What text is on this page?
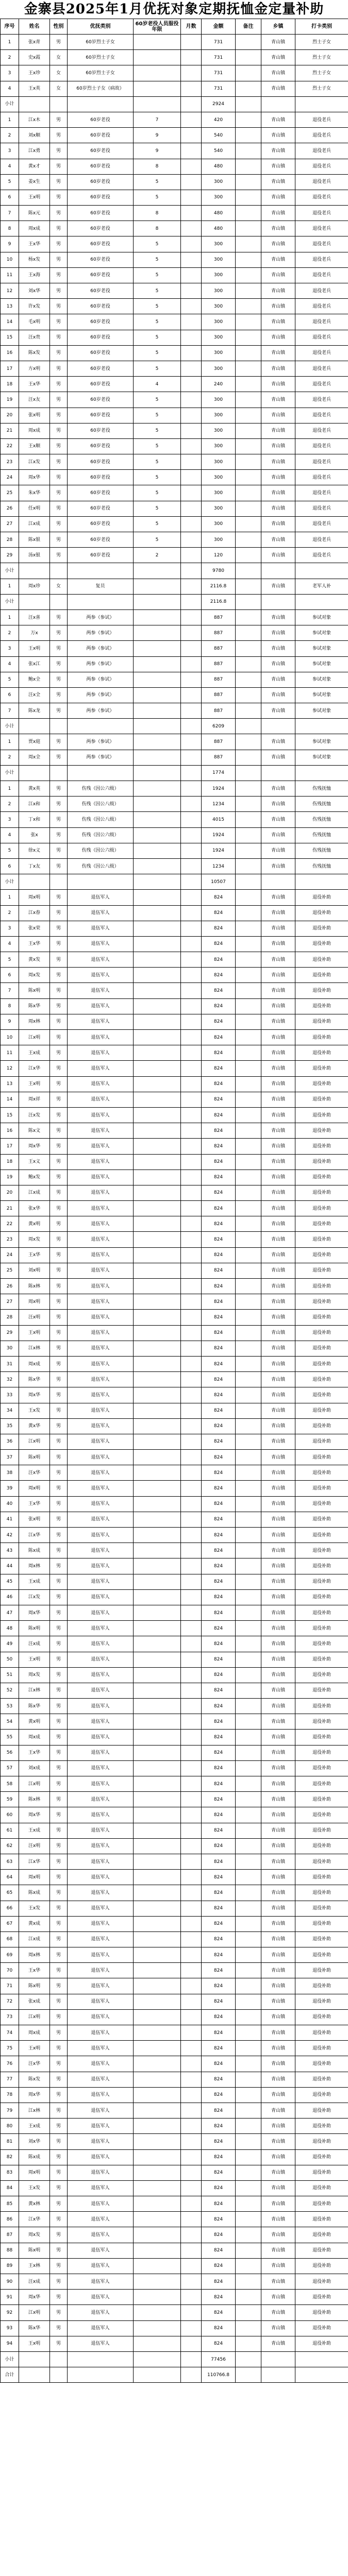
金寨县2025年1月优抚对象定期抚恤金定量补助
序号	姓名	性别	优抚类别	60岁老役人员服役年限	月数	金额	备注	乡镇	打卡类别
1	张x青	男	60岁烈士子女			731		青山镇	烈士子女
2	史x霞	女	60岁烈士子女			731		青山镇	烈士子女
3	王x珍	女	60岁烈士子女			731		青山镇	烈士子女
4	王x英	女	60岁烈士子女（病故）			731		青山镇	烈士子女
小计						2924			
1	江x木	男	60岁老役	7		420		青山镇	退役老兵
2	刘x顺	男	60岁老役	9		540		青山镇	退役老兵
3	江x勇	男	60岁老役	9		540		青山镇	退役老兵
4	黄x才	男	60岁老役	8		480		青山镇	退役老兵
5	姜x生	男	60岁老役	5		300		青山镇	退役老兵
6	王x明	男	60岁老役	5		300		青山镇	退役老兵
7	陈x元	男	60岁老役	8		480		青山镇	退役老兵
8	周x成	男	60岁老役	8		480		青山镇	退役老兵
9	王x华	男	60岁老役	5		300		青山镇	退役老兵
10	杨x发	男	60岁老役	5		300		青山镇	退役老兵
11	王x海	男	60岁老役	5		300		青山镇	退役老兵
12	刘x华	男	60岁老役	5		300		青山镇	退役老兵
13	许x发	男	60岁老役	5		300		青山镇	退役老兵
14	毛x明	男	60岁老役	5		300		青山镇	退役老兵
15	汪x贵	男	60岁老役	5		300		青山镇	退役老兵
16	陈x发	男	60岁老役	5		300		青山镇	退役老兵
17	方x明	男	60岁老役	5		300		青山镇	退役老兵
18	王x华	男	60岁老役	4		240		青山镇	退役老兵
19	汪x友	男	60岁老役	5		300		青山镇	退役老兵
20	张x明	男	60岁老役	5		300		青山镇	退役老兵
21	周x成	男	60岁老役	5		300		青山镇	退役老兵
22	王x顺	男	60岁老役	5		300		青山镇	退役老兵
23	江x发	男	60岁老役	5		300		青山镇	退役老兵
24	周x华	男	60岁老役	5		300		青山镇	退役老兵
25	朱x华	男	60岁老役	5		300		青山镇	退役老兵
26	任x明	男	60岁老役	5		300		青山镇	退役老兵
27	江x成	男	60岁老役	5		300		青山镇	退役老兵
28	陈x银	男	60岁老役	5		300		青山镇	退役老兵
29	汤x银	男	60岁老役	2		120		青山镇	退役老兵
小计						9780			
1	周x珍	女	复员			2116.8		青山镇	老军人补
小计						2116.8			
1	汪x喜	男	两参（参试）			887		青山镇	参试对象
2	万x	男	两参（参试）			887		青山镇	参试对象
3	王x明	男	两参（参试）			887		青山镇	参试对象
4	张x江	男	两参（参试）			887		青山镇	参试对象
5	鲍x全	男	两参（参试）			887		青山镇	参试对象
6	汪x全	男	两参（参试）			887		青山镇	参试对象
7	陈x龙	男	两参（参试）			887		青山镇	参试对象
小计						6209			
1	贾x庭	男	两参（参试）			887		青山镇	参试对象
2	周x全	男	两参（参试）			887		青山镇	参试对象
小计						1774			
1	黄x英	男	伤残（因公六级）			1924		青山镇	伤残抚恤
2	江x和	男	伤残（因公八级）			1234		青山镇	伤残抚恤
3	丁x和	男	伤残（因公八级）			4015		青山镇	伤残抚恤
4	张x	男	伤残（因公六级）			1924		青山镇	伤残抚恤
5	徐x义	男	伤残（因公六级）			1924		青山镇	伤残抚恤
6	丁x友	男	伤残（因公八级）			1234		青山镇	伤残抚恤
小计						10507			
1	周x明	男	退伍军人			824		青山镇	退役补助
2	江x春	男	退伍军人			824		青山镇	退役补助
3	张x荣	男	退伍军人			824		青山镇	退役补助
4	王x华	男	退伍军人			824		青山镇	退役补助
5	黄x发	男	退伍军人			824		青山镇	退役补助
6	周x发	男	退伍军人			824		青山镇	退役补助
7	陈x明	男	退伍军人			824		青山镇	退役补助
8	陈x华	男	退伍军人			824		青山镇	退役补助
9	周x林	男	退伍军人			824		青山镇	退役补助
10	江x明	男	退伍军人			824		青山镇	退役补助
11	王x成	男	退伍军人			824		青山镇	退役补助
12	江x华	男	退伍军人			824		青山镇	退役补助
13	王x明	男	退伍军人			824		青山镇	退役补助
14	周x祥	男	退伍军人			824		青山镇	退役补助
15	汪x发	男	退伍军人			824		青山镇	退役补助
16	陈x文	男	退伍军人			824		青山镇	退役补助
17	周x华	男	退伍军人			824		青山镇	退役补助
18	王x义	男	退伍军人			824		青山镇	退役补助
19	鲍x发	男	退伍军人			824		青山镇	退役补助
20	江x成	男	退伍军人			824		青山镇	退役补助
21	张x华	男	退伍军人			824		青山镇	退役补助
22	黄x明	男	退伍军人			824		青山镇	退役补助
23	周x发	男	退伍军人			824		青山镇	退役补助
24	王x华	男	退伍军人			824		青山镇	退役补助
25	刘x明	男	退伍军人			824		青山镇	退役补助
26	陈x林	男	退伍军人			824		青山镇	退役补助
27	周x明	男	退伍军人			824		青山镇	退役补助
28	汪x明	男	退伍军人			824		青山镇	退役补助
29	王x明	男	退伍军人			824		青山镇	退役补助
30	江x林	男	退伍军人			824		青山镇	退役补助
31	周x成	男	退伍军人			824		青山镇	退役补助
32	陈x华	男	退伍军人			824		青山镇	退役补助
33	周x华	男	退伍军人			824		青山镇	退役补助
34	王x发	男	退伍军人			824		青山镇	退役补助
35	黄x华	男	退伍军人			824		青山镇	退役补助
36	江x明	男	退伍军人			824		青山镇	退役补助
37	陈x明	男	退伍军人			824		青山镇	退役补助
38	汪x华	男	退伍军人			824		青山镇	退役补助
39	周x明	男	退伍军人			824		青山镇	退役补助
40	王x华	男	退伍军人			824		青山镇	退役补助
41	张x明	男	退伍军人			824		青山镇	退役补助
42	江x华	男	退伍军人			824		青山镇	退役补助
43	陈x成	男	退伍军人			824		青山镇	退役补助
44	周x林	男	退伍军人			824		青山镇	退役补助
45	王x成	男	退伍军人			824		青山镇	退役补助
46	江x发	男	退伍军人			824		青山镇	退役补助
47	周x华	男	退伍军人			824		青山镇	退役补助
48	陈x明	男	退伍军人			824		青山镇	退役补助
49	汪x成	男	退伍军人			824		青山镇	退役补助
50	王x明	男	退伍军人			824		青山镇	退役补助
51	周x发	男	退伍军人			824		青山镇	退役补助
52	江x林	男	退伍军人			824		青山镇	退役补助
53	陈x华	男	退伍军人			824		青山镇	退役补助
54	黄x明	男	退伍军人			824		青山镇	退役补助
55	周x成	男	退伍军人			824		青山镇	退役补助
56	王x华	男	退伍军人			824		青山镇	退役补助
57	刘x成	男	退伍军人			824		青山镇	退役补助
58	江x明	男	退伍军人			824		青山镇	退役补助
59	陈x林	男	退伍军人			824		青山镇	退役补助
60	周x华	男	退伍军人			824		青山镇	退役补助
61	王x成	男	退伍军人			824		青山镇	退役补助
62	汪x明	男	退伍军人			824		青山镇	退役补助
63	江x华	男	退伍军人			824		青山镇	退役补助
64	周x明	男	退伍军人			824		青山镇	退役补助
65	陈x成	男	退伍军人			824		青山镇	退役补助
66	王x发	男	退伍军人			824		青山镇	退役补助
67	黄x成	男	退伍军人			824		青山镇	退役补助
68	江x成	男	退伍军人			824		青山镇	退役补助
69	周x林	男	退伍军人			824		青山镇	退役补助
70	王x华	男	退伍军人			824		青山镇	退役补助
71	陈x明	男	退伍军人			824		青山镇	退役补助
72	张x成	男	退伍军人			824		青山镇	退役补助
73	江x明	男	退伍军人			824		青山镇	退役补助
74	周x成	男	退伍军人			824		青山镇	退役补助
75	王x明	男	退伍军人			824		青山镇	退役补助
76	汪x华	男	退伍军人			824		青山镇	退役补助
77	陈x发	男	退伍军人			824		青山镇	退役补助
78	周x华	男	退伍军人			824		青山镇	退役补助
79	江x林	男	退伍军人			824		青山镇	退役补助
80	王x成	男	退伍军人			824		青山镇	退役补助
81	刘x华	男	退伍军人			824		青山镇	退役补助
82	陈x成	男	退伍军人			824		青山镇	退役补助
83	周x明	男	退伍军人			824		青山镇	退役补助
84	王x发	男	退伍军人			824		青山镇	退役补助
85	黄x林	男	退伍军人			824		青山镇	退役补助
86	江x华	男	退伍军人			824		青山镇	退役补助
87	周x发	男	退伍军人			824		青山镇	退役补助
88	陈x明	男	退伍军人			824		青山镇	退役补助
89	王x林	男	退伍军人			824		青山镇	退役补助
90	汪x成	男	退伍军人			824		青山镇	退役补助
91	周x华	男	退伍军人			824		青山镇	退役补助
92	江x明	男	退伍军人			824		青山镇	退役补助
93	陈x华	男	退伍军人			824		青山镇	退役补助
94	王x明	男	退伍军人			824		青山镇	退役补助
小计						77456			
合计						110766.8			
